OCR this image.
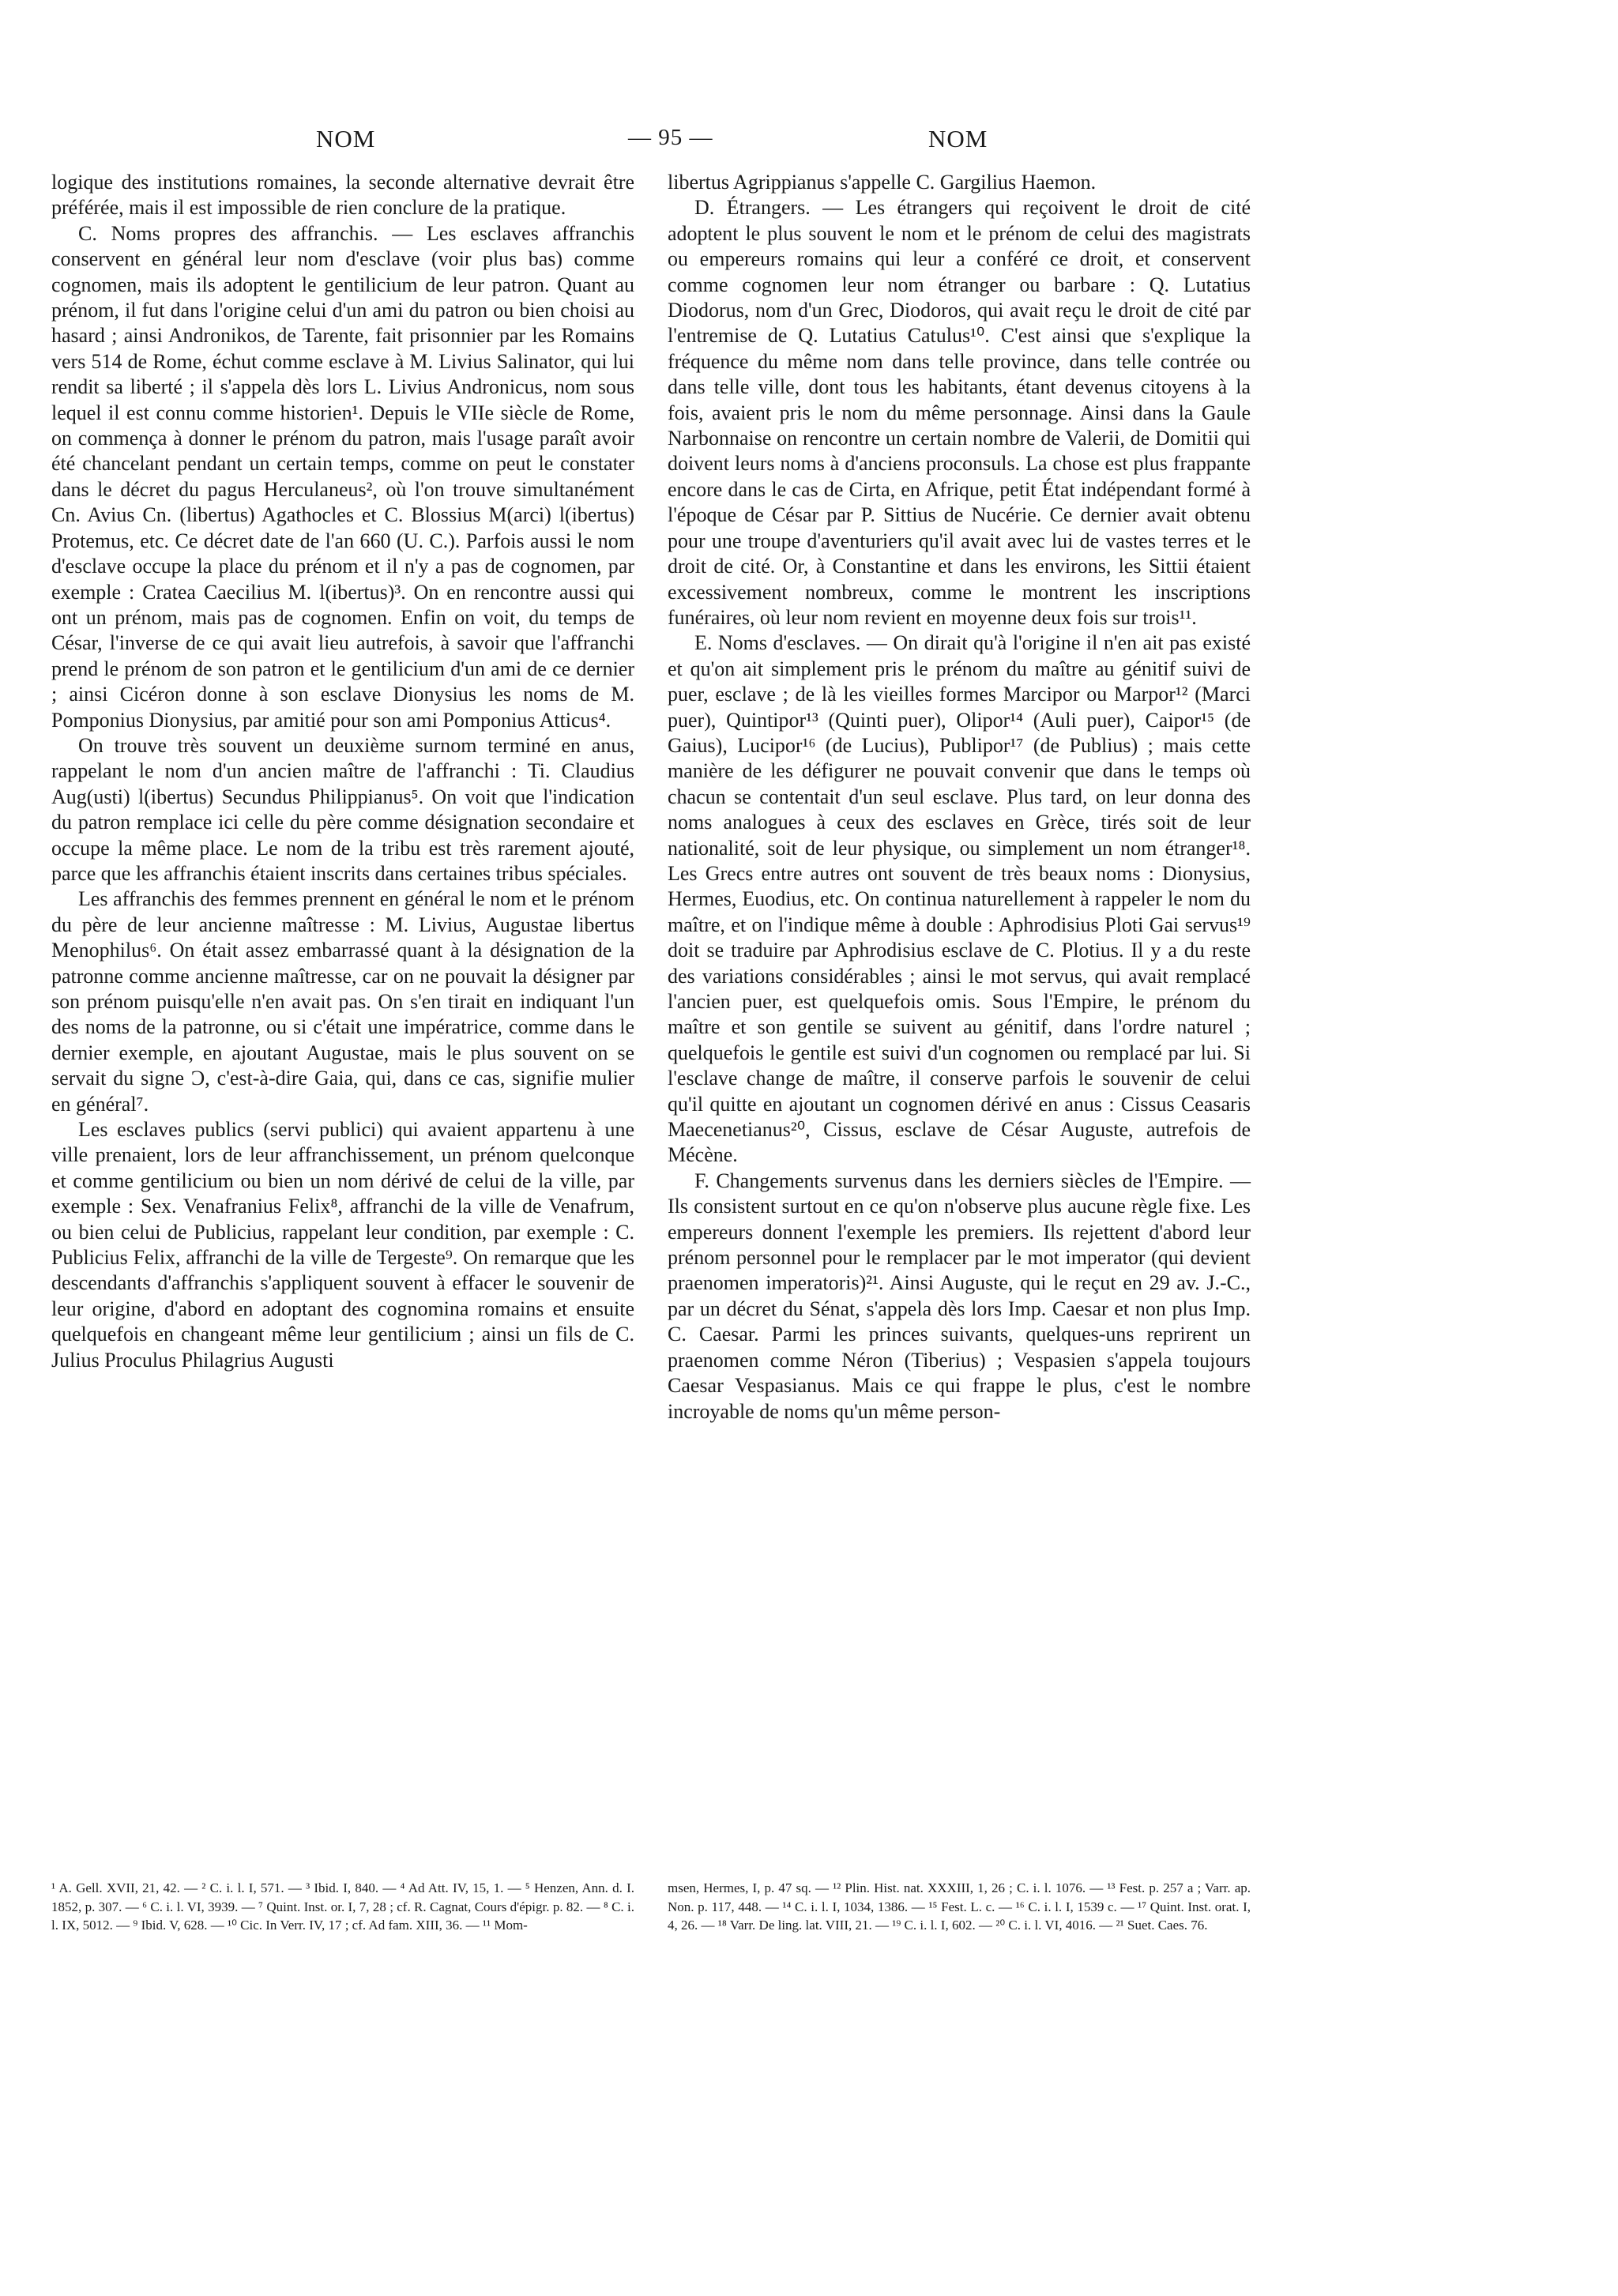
NOM	— 95 —	NOM

logique des institutions romaines, la seconde alternative devrait être préférée, mais il est impossible de rien conclure de la pratique.

C. Noms propres des affranchis. — Les esclaves affranchis conservent en général leur nom d'esclave (voir plus bas) comme cognomen, mais ils adoptent le gentilicium de leur patron. Quant au prénom, il fut dans l'origine celui d'un ami du patron ou bien choisi au hasard ; ainsi Andronikos, de Tarente, fait prisonnier par les Romains vers 514 de Rome, échut comme esclave à M. Livius Salinator, qui lui rendit sa liberté ; il s'appela dès lors L. Livius Andronicus, nom sous lequel il est connu comme historien¹. Depuis le VIIe siècle de Rome, on commença à donner le prénom du patron, mais l'usage paraît avoir été chancelant pendant un certain temps, comme on peut le constater dans le décret du pagus Herculaneus², où l'on trouve simultanément Cn. Avius Cn. (libertus) Agathocles et C. Blossius M(arci) l(ibertus) Protemus, etc. Ce décret date de l'an 660 (U. C.). Parfois aussi le nom d'esclave occupe la place du prénom et il n'y a pas de cognomen, par exemple : Cratea Caecilius M. l(ibertus)³. On en rencontre aussi qui ont un prénom, mais pas de cognomen. Enfin on voit, du temps de César, l'inverse de ce qui avait lieu autrefois, à savoir que l'affranchi prend le prénom de son patron et le gentilicium d'un ami de ce dernier ; ainsi Cicéron donne à son esclave Dionysius les noms de M. Pomponius Dionysius, par amitié pour son ami Pomponius Atticus⁴.

On trouve très souvent un deuxième surnom terminé en anus, rappelant le nom d'un ancien maître de l'affranchi : Ti. Claudius Aug(usti) l(ibertus) Secundus Philippianus⁵. On voit que l'indication du patron remplace ici celle du père comme désignation secondaire et occupe la même place. Le nom de la tribu est très rarement ajouté, parce que les affranchis étaient inscrits dans certaines tribus spéciales.

Les affranchis des femmes prennent en général le nom et le prénom du père de leur ancienne maîtresse : M. Livius, Augustae libertus Menophilus⁶. On était assez embarrassé quant à la désignation de la patronne comme ancienne maîtresse, car on ne pouvait la désigner par son prénom puisqu'elle n'en avait pas. On s'en tirait en indiquant l'un des noms de la patronne, ou si c'était une impératrice, comme dans le dernier exemple, en ajoutant Augustae, mais le plus souvent on se servait du signe Ɔ, c'est-à-dire Gaia, qui, dans ce cas, signifie mulier en général⁷.

Les esclaves publics (servi publici) qui avaient appartenu à une ville prenaient, lors de leur affranchissement, un prénom quelconque et comme gentilicium ou bien un nom dérivé de celui de la ville, par exemple : Sex. Venafranius Felix⁸, affranchi de la ville de Venafrum, ou bien celui de Publicius, rappelant leur condition, par exemple : C. Publicius Felix, affranchi de la ville de Tergeste⁹. On remarque que les descendants d'affranchis s'appliquent souvent à effacer le souvenir de leur origine, d'abord en adoptant des cognomina romains et ensuite quelquefois en changeant même leur gentilicium ; ainsi un fils de C. Julius Proculus Philagrius Augusti

libertus Agrippianus s'appelle C. Gargilius Haemon.

D. Étrangers. — Les étrangers qui reçoivent le droit de cité adoptent le plus souvent le nom et le prénom de celui des magistrats ou empereurs romains qui leur a conféré ce droit, et conservent comme cognomen leur nom étranger ou barbare : Q. Lutatius Diodorus, nom d'un Grec, Diodoros, qui avait reçu le droit de cité par l'entremise de Q. Lutatius Catulus¹⁰. C'est ainsi que s'explique la fréquence du même nom dans telle province, dans telle contrée ou dans telle ville, dont tous les habitants, étant devenus citoyens à la fois, avaient pris le nom du même personnage. Ainsi dans la Gaule Narbonnaise on rencontre un certain nombre de Valerii, de Domitii qui doivent leurs noms à d'anciens proconsuls. La chose est plus frappante encore dans le cas de Cirta, en Afrique, petit État indépendant formé à l'époque de César par P. Sittius de Nucérie. Ce dernier avait obtenu pour une troupe d'aventuriers qu'il avait avec lui de vastes terres et le droit de cité. Or, à Constantine et dans les environs, les Sittii étaient excessivement nombreux, comme le montrent les inscriptions funéraires, où leur nom revient en moyenne deux fois sur trois¹¹.

E. Noms d'esclaves. — On dirait qu'à l'origine il n'en ait pas existé et qu'on ait simplement pris le prénom du maître au génitif suivi de puer, esclave ; de là les vieilles formes Marcipor ou Marpor¹² (Marci puer), Quintipor¹³ (Quinti puer), Olipor¹⁴ (Auli puer), Caipor¹⁵ (de Gaius), Lucipor¹⁶ (de Lucius), Publipor¹⁷ (de Publius) ; mais cette manière de les défigurer ne pouvait convenir que dans le temps où chacun se contentait d'un seul esclave. Plus tard, on leur donna des noms analogues à ceux des esclaves en Grèce, tirés soit de leur nationalité, soit de leur physique, ou simplement un nom étranger¹⁸. Les Grecs entre autres ont souvent de très beaux noms : Dionysius, Hermes, Euodius, etc. On continua naturellement à rappeler le nom du maître, et on l'indique même à double : Aphrodisius Ploti Gai servus¹⁹ doit se traduire par Aphrodisius esclave de C. Plotius. Il y a du reste des variations considérables ; ainsi le mot servus, qui avait remplacé l'ancien puer, est quelquefois omis. Sous l'Empire, le prénom du maître et son gentile se suivent au génitif, dans l'ordre naturel ; quelquefois le gentile est suivi d'un cognomen ou remplacé par lui. Si l'esclave change de maître, il conserve parfois le souvenir de celui qu'il quitte en ajoutant un cognomen dérivé en anus : Cissus Ceasaris Maecenetianus²⁰, Cissus, esclave de César Auguste, autrefois de Mécène.

F. Changements survenus dans les derniers siècles de l'Empire. — Ils consistent surtout en ce qu'on n'observe plus aucune règle fixe. Les empereurs donnent l'exemple les premiers. Ils rejettent d'abord leur prénom personnel pour le remplacer par le mot imperator (qui devient praenomen imperatoris)²¹. Ainsi Auguste, qui le reçut en 29 av. J.-C., par un décret du Sénat, s'appela dès lors Imp. Caesar et non plus Imp. C. Caesar. Parmi les princes suivants, quelques-uns reprirent un praenomen comme Néron (Tiberius) ; Vespasien s'appela toujours Caesar Vespasianus. Mais ce qui frappe le plus, c'est le nombre incroyable de noms qu'un même person-

¹ A. Gell. XVII, 21, 42. — ² C. i. l. I, 571. — ³ Ibid. I, 840. — ⁴ Ad Att. IV, 15, 1. — ⁵ Henzen, Ann. d. I. 1852, p. 307. — ⁶ C. i. l. VI, 3939. — ⁷ Quint. Inst. or. I, 7, 28 ; cf. R. Cagnat, Cours d'épigr. p. 82. — ⁸ C. i. l. IX, 5012. — ⁹ Ibid. V, 628. — ¹⁰ Cic. In Verr. IV, 17 ; cf. Ad fam. XIII, 36. — ¹¹ Mom-
msen, Hermes, I, p. 47 sq. — ¹² Plin. Hist. nat. XXXIII, 1, 26 ; C. i. l. 1076. — ¹³ Fest. p. 257 a ; Varr. ap. Non. p. 117, 448. — ¹⁴ C. i. l. I, 1034, 1386. — ¹⁵ Fest. L. c. — ¹⁶ C. i. l. I, 1539 c. — ¹⁷ Quint. Inst. orat. I, 4, 26. — ¹⁸ Varr. De ling. lat. VIII, 21. — ¹⁹ C. i. l. I, 602. — ²⁰ C. i. l. VI, 4016. — ²¹ Suet. Caes. 76.
